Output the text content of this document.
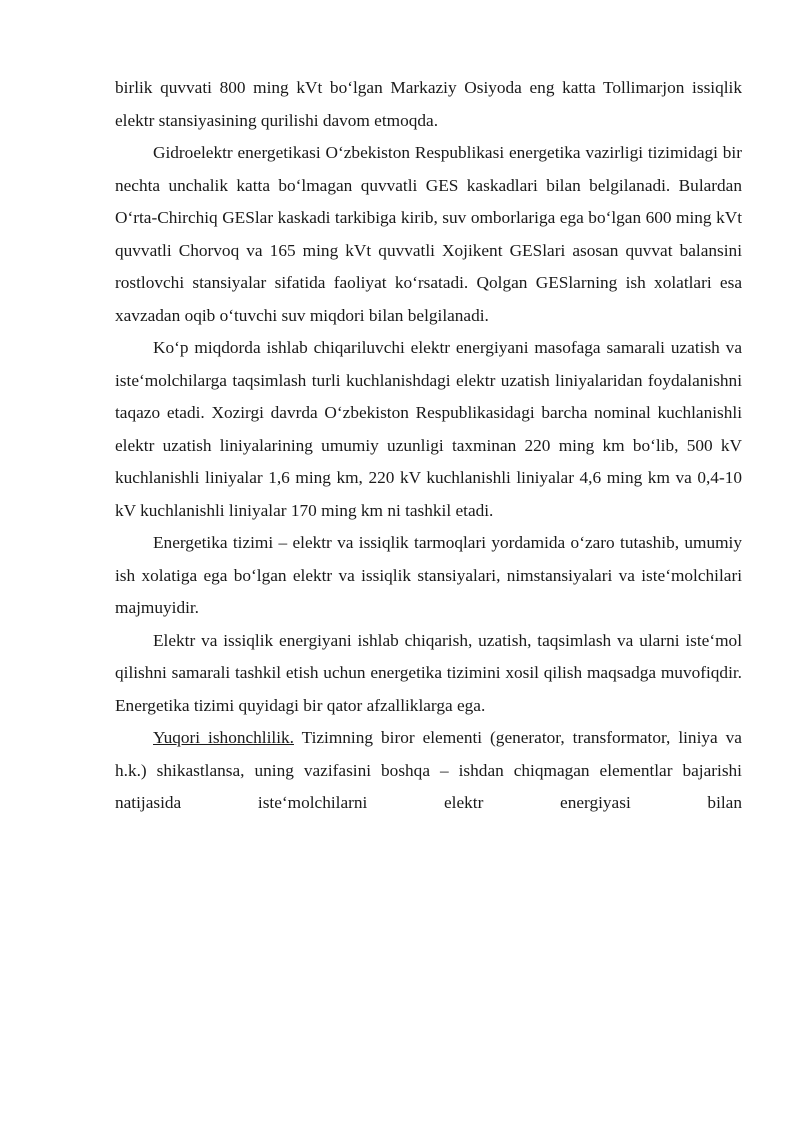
birlik quvvati 800 ming kVt bo‘lgan Markaziy Osiyoda eng katta Tollimarjon issiqlik elektr stansiyasining qurilishi davom etmoqda.

Gidroelektr energetikasi O‘zbekiston Respublikasi energetika vazirligi tizimidagi bir nechta unchalik katta bo‘lmagan quvvatli GES kaskadlari bilan belgilanadi. Bulardan O‘rta-Chirchiq GESlar kaskadi tarkibiga kirib, suv omborlariga ega bo‘lgan 600 ming kVt quvvatli Chorvoq va 165 ming kVt quvvatli Xojikent GESlari asosan quvvat balansini rostlovchi stansiyalar sifatida faoliyat ko‘rsatadi. Qolgan GESlarning ish xolatlari esa xavzadan oqib o‘tuvchi suv miqdori bilan belgilanadi.

Ko‘p miqdorda ishlab chiqariluvchi elektr energiyani masofaga samarali uzatish va iste‘molchilarga taqsimlash turli kuchlanishdagi elektr uzatish liniyalaridan foydalanishni taqazo etadi. Xozirgi davrda O‘zbekiston Respublikasidagi barcha nominal kuchlanishli elektr uzatish liniyalarining umumiy uzunligi taxminan 220 ming km bo‘lib, 500 kV kuchlanishli liniyalar 1,6 ming km, 220 kV kuchlanishli liniyalar 4,6 ming km va 0,4-10 kV kuchlanishli liniyalar 170 ming km ni tashkil etadi.

Energetika tizimi – elektr va issiqlik tarmoqlari yordamida o‘zaro tutashib, umumiy ish xolatiga ega bo‘lgan elektr va issiqlik stansiyalari, nimstansiyalari va iste‘molchilari majmuyidir.

Elektr va issiqlik energiyani ishlab chiqarish, uzatish, taqsimlash va ularni iste‘mol qilishni samarali tashkil etish uchun energetika tizimini xosil qilish maqsadga muvofiqdir. Energetika tizimi quyidagi bir qator afzalliklarga ega.

Yuqori ishonchlilik. Tizimning biror elementi (generator, transformator, liniya va h.k.) shikastlansa, uning vazifasini boshqa – ishdan chiqmagan elementlar bajarishi natijasida iste‘molchilarni elektr energiyasi bilan
